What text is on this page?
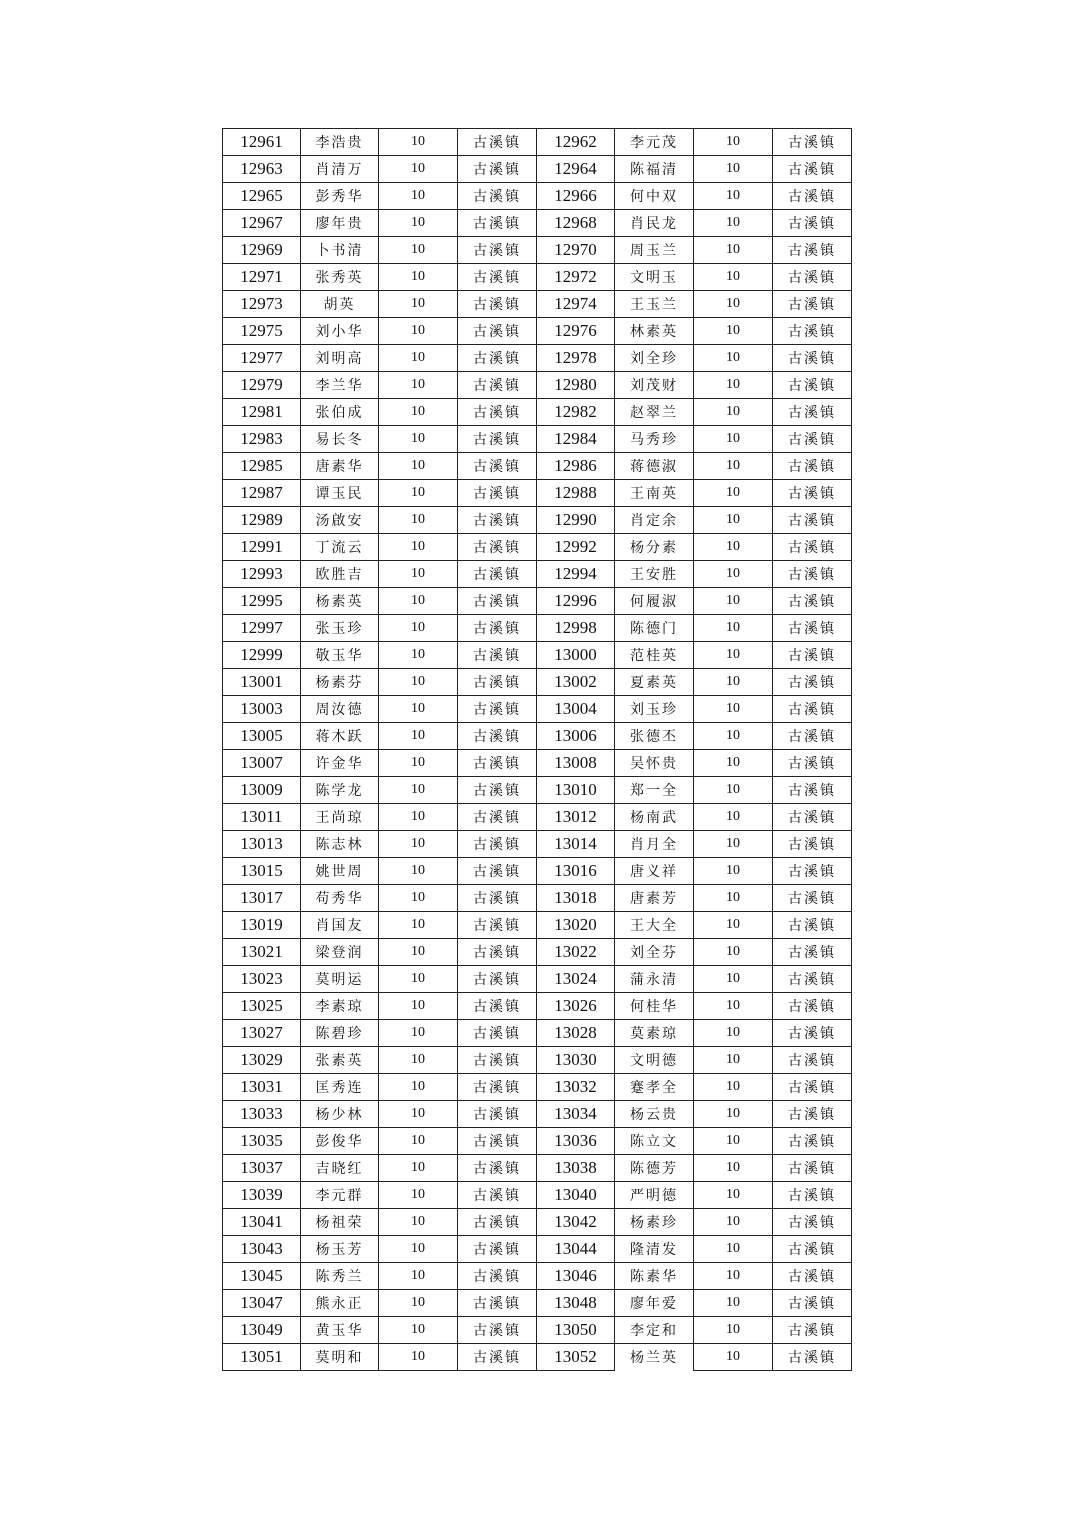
12961	李浩贵	10	古溪镇	12962	李元茂	10	古溪镇
12963	肖清万	10	古溪镇	12964	陈福清	10	古溪镇
12965	彭秀华	10	古溪镇	12966	何中双	10	古溪镇
12967	廖年贵	10	古溪镇	12968	肖民龙	10	古溪镇
12969	卜书清	10	古溪镇	12970	周玉兰	10	古溪镇
12971	张秀英	10	古溪镇	12972	文明玉	10	古溪镇
12973	胡英	10	古溪镇	12974	王玉兰	10	古溪镇
12975	刘小华	10	古溪镇	12976	林素英	10	古溪镇
12977	刘明高	10	古溪镇	12978	刘全珍	10	古溪镇
12979	李兰华	10	古溪镇	12980	刘茂财	10	古溪镇
12981	张伯成	10	古溪镇	12982	赵翠兰	10	古溪镇
12983	易长冬	10	古溪镇	12984	马秀珍	10	古溪镇
12985	唐素华	10	古溪镇	12986	蒋德淑	10	古溪镇
12987	谭玉民	10	古溪镇	12988	王南英	10	古溪镇
12989	汤啟安	10	古溪镇	12990	肖定余	10	古溪镇
12991	丁流云	10	古溪镇	12992	杨分素	10	古溪镇
12993	欧胜吉	10	古溪镇	12994	王安胜	10	古溪镇
12995	杨素英	10	古溪镇	12996	何履淑	10	古溪镇
12997	张玉珍	10	古溪镇	12998	陈德门	10	古溪镇
12999	敬玉华	10	古溪镇	13000	范桂英	10	古溪镇
13001	杨素芬	10	古溪镇	13002	夏素英	10	古溪镇
13003	周汝德	10	古溪镇	13004	刘玉珍	10	古溪镇
13005	蒋木跃	10	古溪镇	13006	张德丕	10	古溪镇
13007	许金华	10	古溪镇	13008	吴怀贵	10	古溪镇
13009	陈学龙	10	古溪镇	13010	郑一全	10	古溪镇
13011	王尚琼	10	古溪镇	13012	杨南武	10	古溪镇
13013	陈志林	10	古溪镇	13014	肖月全	10	古溪镇
13015	姚世周	10	古溪镇	13016	唐义祥	10	古溪镇
13017	苟秀华	10	古溪镇	13018	唐素芳	10	古溪镇
13019	肖国友	10	古溪镇	13020	王大全	10	古溪镇
13021	梁登润	10	古溪镇	13022	刘全芬	10	古溪镇
13023	莫明运	10	古溪镇	13024	蒲永清	10	古溪镇
13025	李素琼	10	古溪镇	13026	何桂华	10	古溪镇
13027	陈碧珍	10	古溪镇	13028	莫素琼	10	古溪镇
13029	张素英	10	古溪镇	13030	文明德	10	古溪镇
13031	匡秀连	10	古溪镇	13032	蹇孝全	10	古溪镇
13033	杨少林	10	古溪镇	13034	杨云贵	10	古溪镇
13035	彭俊华	10	古溪镇	13036	陈立文	10	古溪镇
13037	吉晓红	10	古溪镇	13038	陈德芳	10	古溪镇
13039	李元群	10	古溪镇	13040	严明德	10	古溪镇
13041	杨祖荣	10	古溪镇	13042	杨素珍	10	古溪镇
13043	杨玉芳	10	古溪镇	13044	隆清发	10	古溪镇
13045	陈秀兰	10	古溪镇	13046	陈素华	10	古溪镇
13047	熊永正	10	古溪镇	13048	廖年爱	10	古溪镇
13049	黄玉华	10	古溪镇	13050	李定和	10	古溪镇
13051	莫明和	10	古溪镇	13052	杨兰英	10	古溪镇
